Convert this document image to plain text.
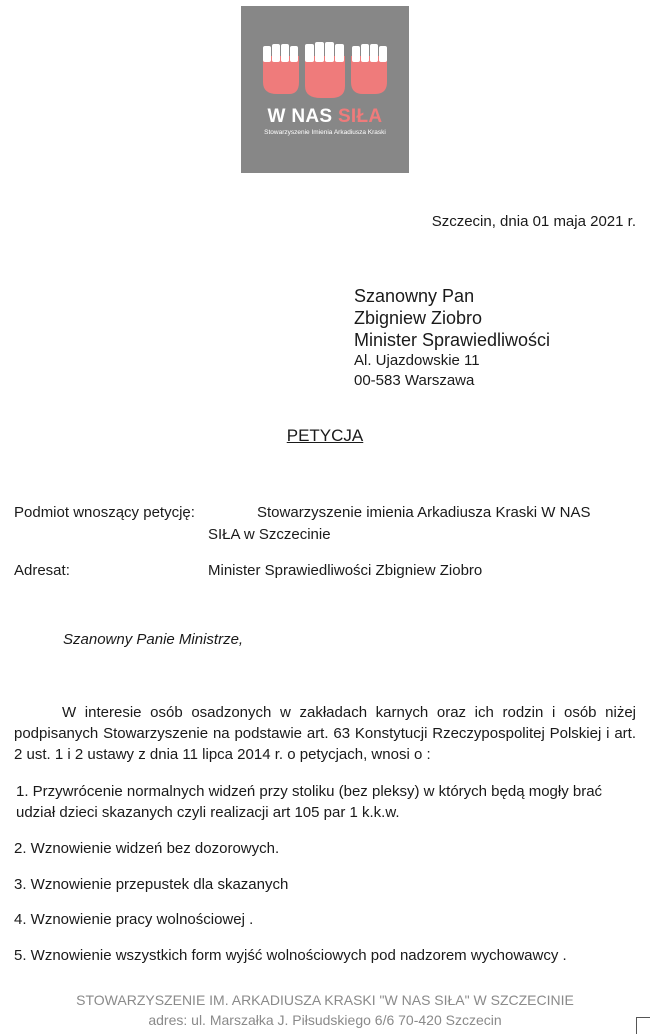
W NAS SIŁA
Stowarzyszenie Imienia Arkadiusza Kraski
Szczecin, dnia 01 maja 2021 r.
Szanowny Pan
Zbigniew Ziobro
Minister Sprawiedliwości
Al. Ujazdowskie 11
00-583 Warszawa
PETYCJA
Podmiot wnoszący petycję:	Stowarzyszenie imienia Arkadiusza Kraski W NAS
SIŁA w Szczecinie
Adresat:	Minister Sprawiedliwości Zbigniew Ziobro
Szanowny Panie Ministrze,
W interesie osób osadzonych w zakładach karnych oraz ich rodzin i osób niżej podpisanych Stowarzyszenie na podstawie art. 63 Konstytucji Rzeczypospolitej Polskiej i art. 2 ust. 1 i 2 ustawy z dnia 11 lipca 2014 r. o petycjach, wnosi o :
1. Przywrócenie normalnych widzeń przy stoliku (bez pleksy) w których będą mogły brać udział dzieci skazanych czyli realizacji art 105 par 1 k.k.w.
2. Wznowienie widzeń bez dozorowych.
3. Wznowienie przepustek dla skazanych
4. Wznowienie pracy wolnościowej .
5. Wznowienie wszystkich form wyjść wolnościowych pod nadzorem wychowawcy .
STOWARZYSZENIE IM. ARKADIUSZA KRASKI "W NAS SIŁA" W SZCZECINIE
adres: ul. Marszałka J. Piłsudskiego 6/6 70-420 Szczecin
